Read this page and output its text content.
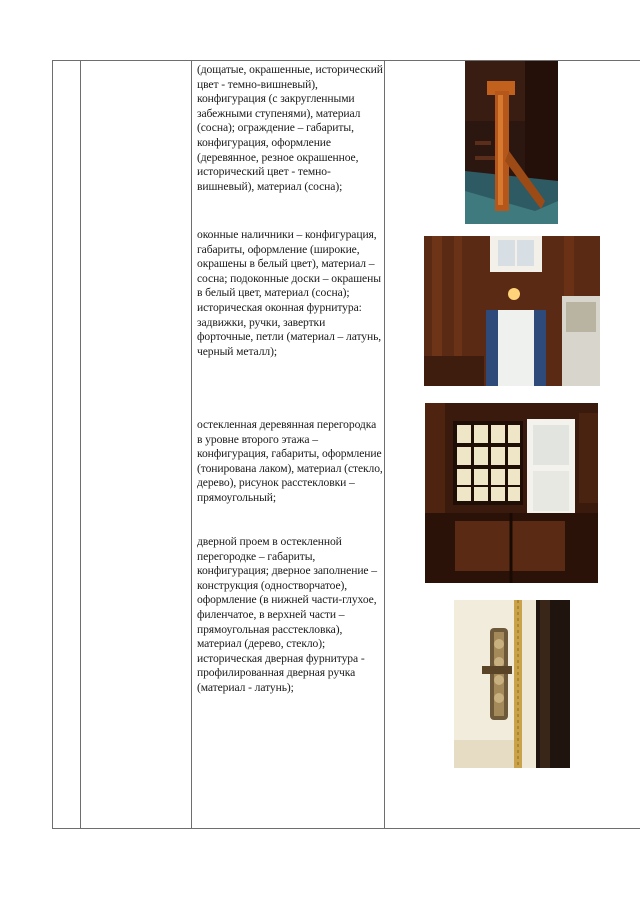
(дощатые, окрашенные, исторический цвет - темно-вишневый), конфигурация (с закругленными забежными ступенями), материал (сосна); ограждение – габариты, конфигурация, оформление (деревянное, резное окрашенное, исторический цвет - темно-вишневый), материал (сосна);
оконные наличники – конфигурация, габариты, оформление (широкие, окрашены в белый цвет), материал – сосна; подоконные доски – окрашены в белый цвет, материал (сосна); историческая оконная фурнитура: задвижки, ручки, завертки форточные, петли (материал – латунь, черный металл);
остекленная деревянная перегородка в уровне второго этажа – конфигурация, габариты, оформление (тонирована лаком), материал (стекло, дерево), рисунок расстекловки – прямоугольный;
дверной проем в остекленной перегородке – габариты, конфигурация; дверное заполнение – конструкция (одностворчатое), оформление (в нижней части-глухое, филенчатое, в верхней части – прямоугольная расстекловка), материал (дерево, стекло); историческая дверная фурнитура - профилированная дверная ручка (материал - латунь);
